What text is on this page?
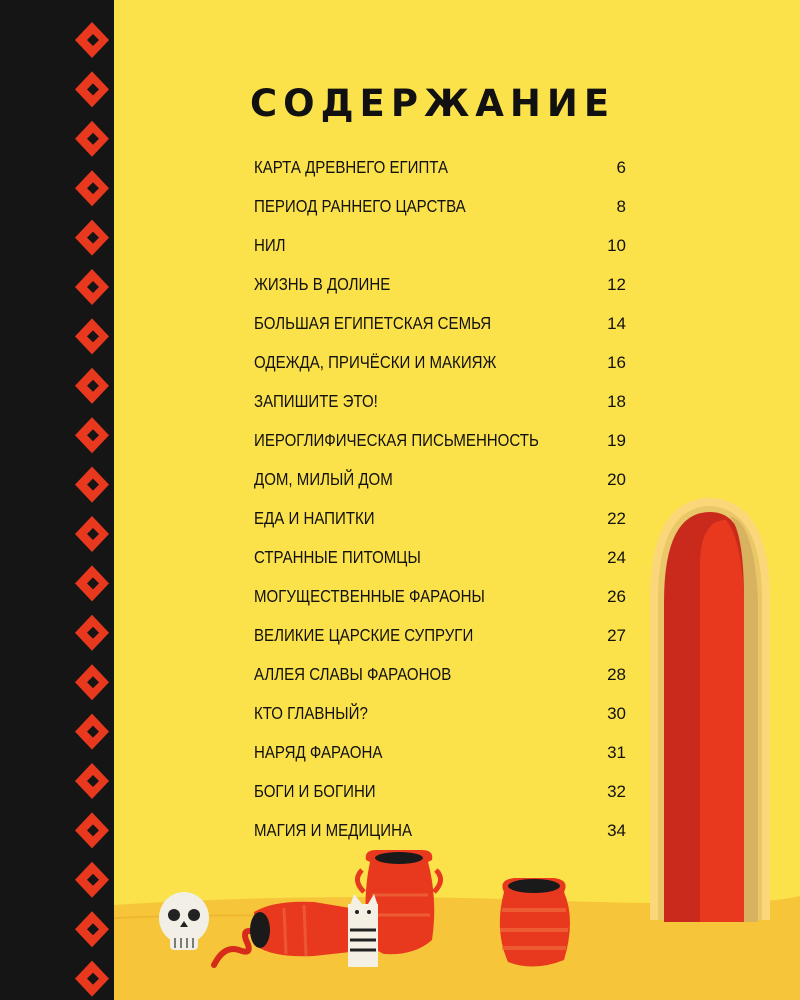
СОДЕРЖАНИЕ
КАРТА ДРЕВНЕГО ЕГИПТА	6
ПЕРИОД РАННЕГО ЦАРСТВА	8
НИЛ	10
ЖИЗНЬ В ДОЛИНЕ	12
БОЛЬШАЯ ЕГИПЕТСКАЯ СЕМЬЯ	14
ОДЕЖДА, ПРИЧЁСКИ И МАКИЯЖ	16
ЗАПИШИТЕ ЭТО!	18
ИЕРОГЛИФИЧЕСКАЯ ПИСЬМЕННОСТЬ	19
ДОМ, МИЛЫЙ ДОМ	20
ЕДА И НАПИТКИ	22
СТРАННЫЕ ПИТОМЦЫ	24
МОГУЩЕСТВЕННЫЕ ФАРАОНЫ	26
ВЕЛИКИЕ ЦАРСКИЕ СУПРУГИ	27
АЛЛЕЯ СЛАВЫ ФАРАОНОВ	28
КТО ГЛАВНЫЙ?	30
НАРЯД ФАРАОНА	31
БОГИ И БОГИНИ	32
МАГИЯ И МЕДИЦИНА	34
